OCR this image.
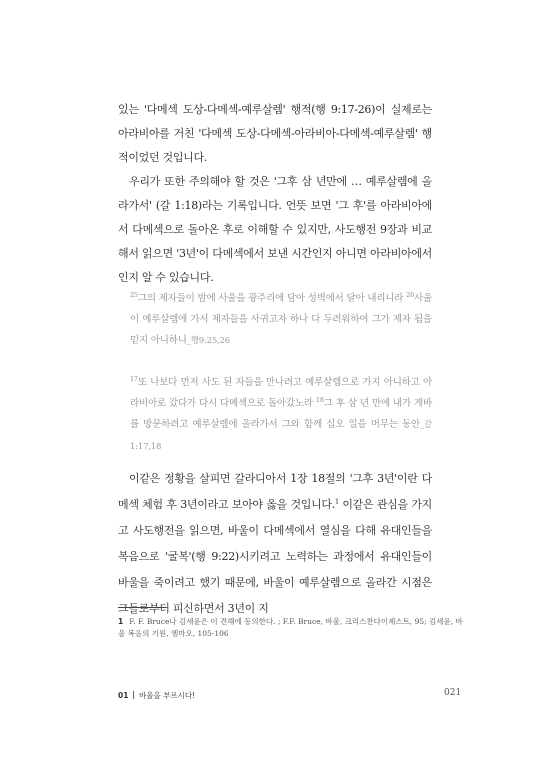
있는 '다메섹 도상-다메섹-예루살렘' 행적(행 9:17-26)이 실제로는 아라비아를 거친 '다메섹 도상-다메섹-아라비아-다메섹-예루살렘' 행적이었던 것입니다.

우리가 또한 주의해야 할 것은 '그후 삼 년만에 … 예루살렘에 올라가서' (갈 1:18)라는 기록입니다. 언뜻 보면 '그 후'를 아라비아에서 다메섹으로 돌아온 후로 이해할 수 있지만, 사도행전 9장과 비교해서 읽으면 '3년'이 다메섹에서 보낸 시간인지 아니면 아라비아에서인지 알 수 있습니다.

$^{25}$그의 제자들이 밤에 사울을 광주리에 담아 성벽에서 달아 내리니라 $^{26}$사울이 예루살렘에 가서 제자들을 사귀고자 하나 다 두려워하여 그가 제자 됨을 믿지 아니하니_행9:25,26

$^{17}$또 나보다 먼저 사도 된 자들을 만나려고 예루살렘으로 가지 아니하고 아라비아로 갔다가 다시 다메섹으로 돌아갔노라 $^{18}$그 후 삼 년 만에 내가 게바를 방문하려고 예루살렘에 올라가서 그와 함께 십오 일을 머무는 동안_갈 1:17,18

이같은 정황을 살피면 갈라디아서 1장 18절의 '그후 3년'이란 다메섹 체험 후 3년이라고 보아야 옳을 것입니다.$^1$ 이같은 관심을 가지고 사도행전을 읽으면, 바울이 다메섹에서 열심을 다해 유대인들을 복음으로 '굴복'(행 9:22)시키려고 노력하는 과정에서 유대인들이 바울을 죽이려고 했기 때문에, 바울이 예루살렘으로 올라간 시점은 그들로부터 피신하면서 3년이 지

1 F. F. Bruce나 김세윤은 이 견해에 동의한다. ; F.F. Bruce, 바울, 크리스찬다이제스트, 95; 김세윤, 바울 복음의 기원, 엠마오, 105-106

01 바울을 부르시다!	021
